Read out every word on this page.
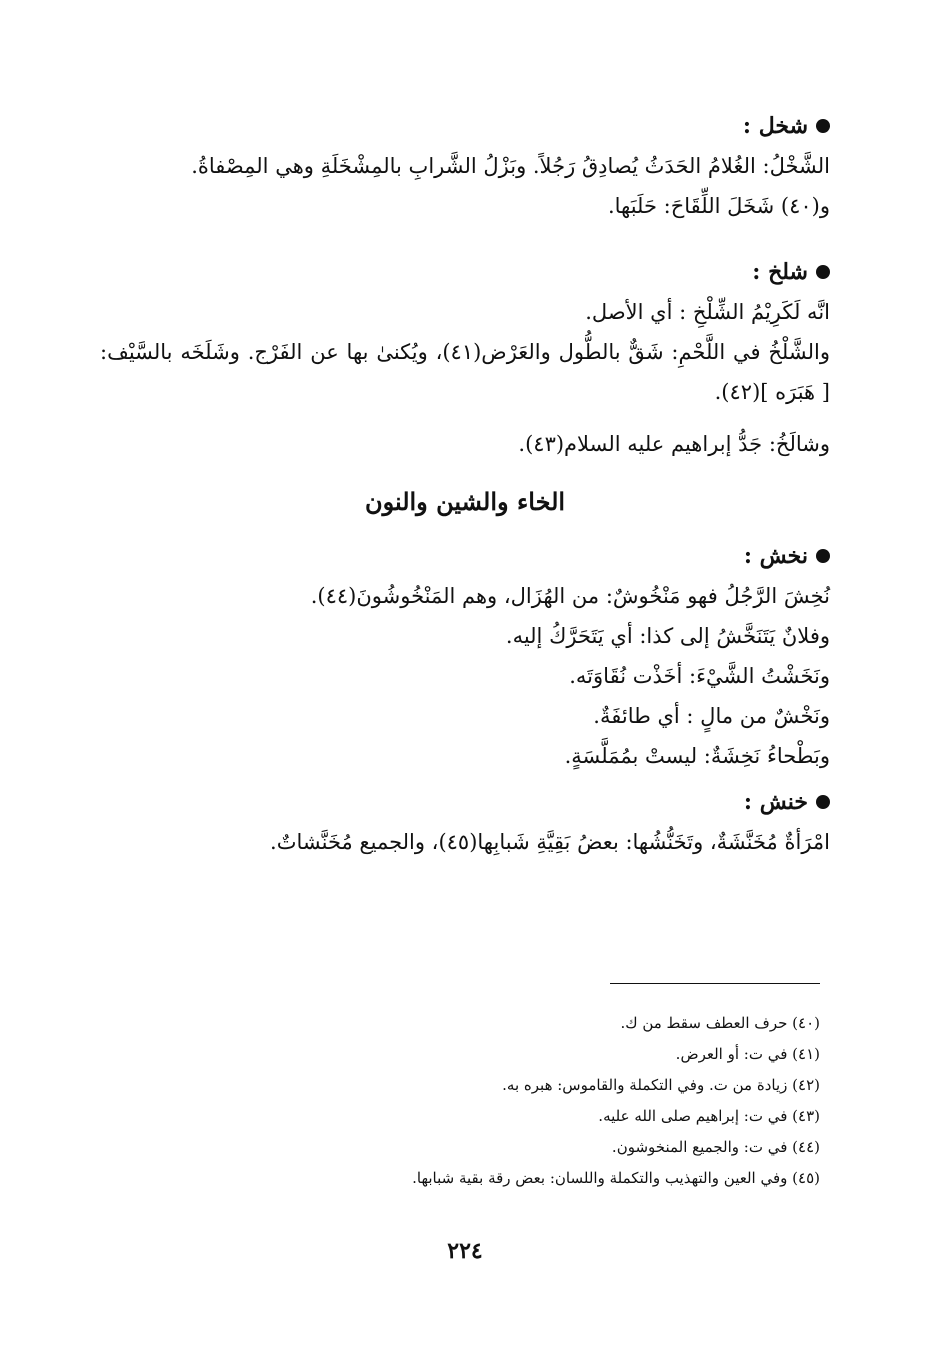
شخل :

الشَّخْلُ: الغُلامُ الحَدَثُ يُصادِقُ رَجُلاً. وبَزْلُ الشَّرابِ بالمِشْخَلَةِ وهي المِصْفاةُ.

و(٤٠) شَخَلَ اللِّقَاحَ: حَلَبَها.

شلخ :

انَّه لَكَرِيْمُ الشِّلْخِ : أي الأصل.

والشَّلْخُ في اللَّحْمِ: شَقٌّ بالطُّول والعَرْض(٤١)، ويُكنىٰ بها عن الفَرْج. وشَلَخَه بالسَّيْف: [ هَبَرَه ](٤٢).

وشالَخُ: جَدُّ إبراهيم عليه السلام(٤٣).

الخاء والشين والنون
نخش :

نُخِشَ الرَّجُلُ فهو مَنْخُوشٌ: من الهُزَال، وهم المَنْخُوشُونَ(٤٤).

وفلانٌ يَتَنَخَّشُ إلى كذا: أي يَتَحَرَّكُ إليه.

ونَخَشْتُ الشَّيْءَ: أخَذْت نُقَاوَتَه.

ونَخْشٌ من مالٍ : أي طائفَةٌ.

وبَطْحاءُ نَخِشَةٌ: ليستْ بمُمَلَّسَةٍ.

خنش :

امْرَأةٌ مُخَنَّشَةٌ، وتَخَنُّشُها: بعضُ بَقِيَّةِ شَبابِها(٤٥)، والجميع مُخَنَّشاتٌ.

(٤٠) حرف العطف سقط من ك.

(٤١) في ت: أو العرض.

(٤٢) زيادة من ت. وفي التكملة والقاموس: هبره به.

(٤٣) في ت: إبراهيم صلى الله عليه.

(٤٤) في ت: والجميع المنخوشون.

(٤٥) وفي العين والتهذيب والتكملة واللسان: بعض رقة بقية شبابها.

٢٢٤
